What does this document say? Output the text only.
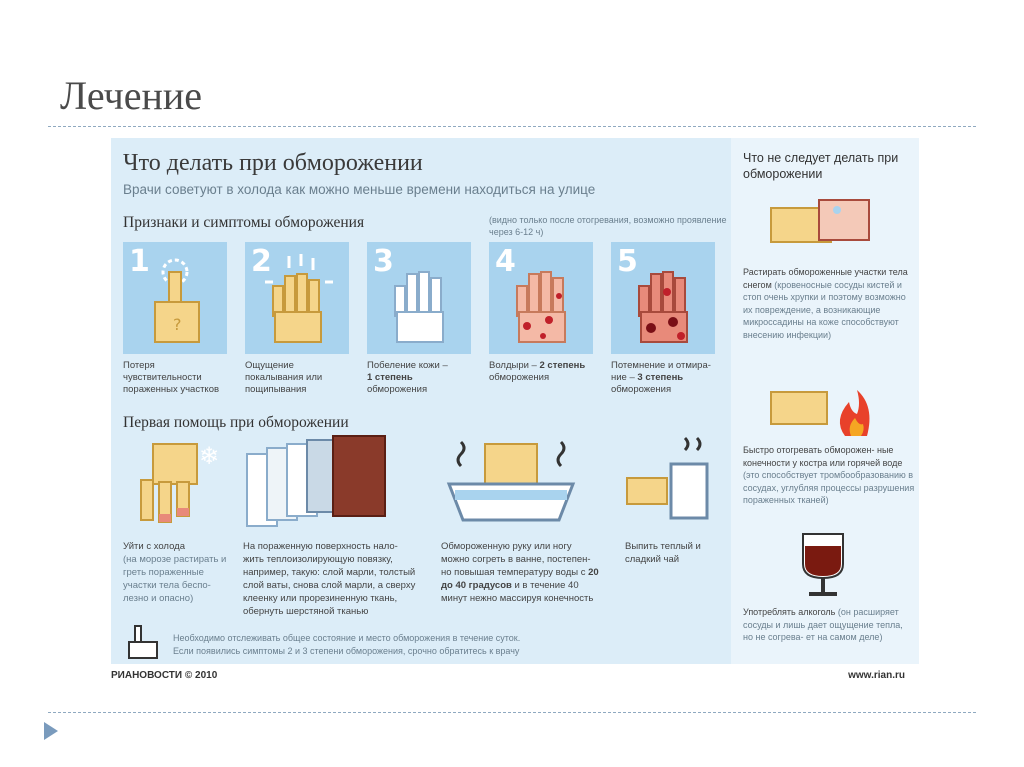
Лечение
Что делать при обморожении
Врачи советуют в холода как можно меньше времени находиться на улице
Признаки и симптомы обморожения	(видно только после отогревания, возможно проявление через 6-12 ч)
1
?
Потеря чувствительности пораженных участков
2
Ощущение покалывания или пощипывания
3
Побеление кожи –
1 степень
обморожения
4
Волдыри – 2 степень
обморожения
5
Потемнение и отмира- ние – 3 степень
обморожения
Первая помощь при обморожении
❄
Уйти с холода
(на морозе растирать и греть пораженные участки тела беспо- лезно и опасно)
На пораженную поверхность нало- жить теплоизолирующую повязку, например, такую: слой марли, толстый слой ваты, снова слой марли, а сверху клеенку или прорезиненную ткань, обернуть шерстяной тканью
Обмороженную руку или ногу можно согреть в ванне, постепен- но повышая температуру воды с 20 до 40 градусов и в течение 40 минут нежно массируя конечность
Выпить теплый и сладкий чай
Необходимо отслеживать общее состояние и место обморожения в течение суток.
Если появились симптомы 2 и 3 степени обморожения, срочно обратитесь к врачу
Что не следует делать при обморожении
Растирать обмороженные участки тела снегом (кровеносные сосуды кистей и стоп очень хрупки и поэтому возможно их повреждение, а возникающие микроссадины на коже способствуют внесению инфекции)
Быстро отогревать обморожен- ные конечности у костра или горячей воде (это способствует тромбообразованию в сосудах, углубляя процессы разрушения пораженных тканей)
Употреблять алкоголь (он расширяет сосуды и лишь дает ощущение тепла, но не согрева- ет на самом деле)
РИАНОВОСТИ © 2010	www.rian.ru
